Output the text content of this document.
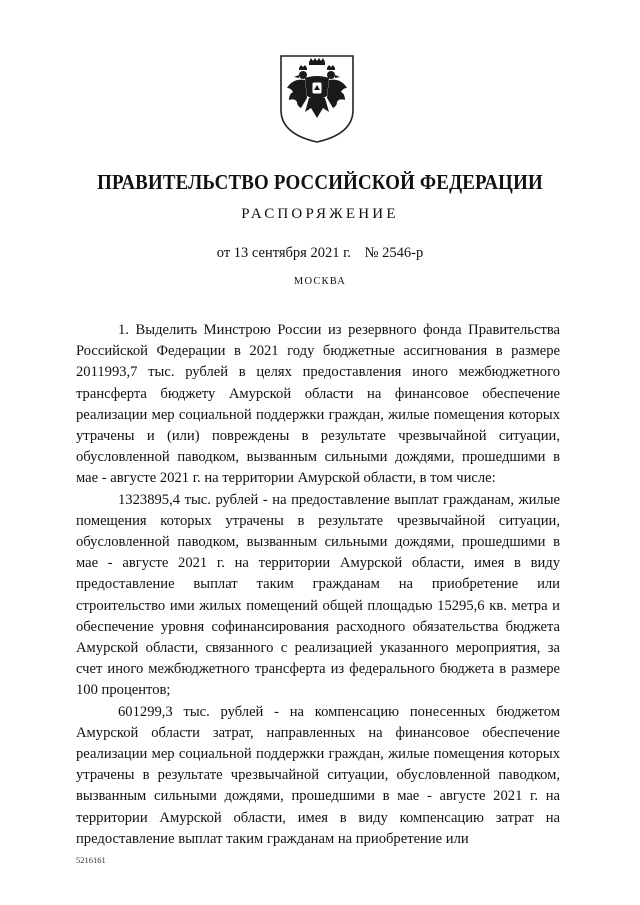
ПРАВИТЕЛЬСТВО РОССИЙСКОЙ ФЕДЕРАЦИИ
РАСПОРЯЖЕНИЕ
от 13 сентября 2021 г. № 2546-р
МОСКВА

1. Выделить Минстрою России из резервного фонда Правительства Российской Федерации в 2021 году бюджетные ассигнования в размере 2011993,7 тыс. рублей в целях предоставления иного межбюджетного трансферта бюджету Амурской области на финансовое обеспечение реализации мер социальной поддержки граждан, жилые помещения которых утрачены и (или) повреждены в результате чрезвычайной ситуации, обусловленной паводком, вызванным сильными дождями, прошедшими в мае - августе 2021 г. на территории Амурской области, в том числе:

1323895,4 тыс. рублей - на предоставление выплат гражданам, жилые помещения которых утрачены в результате чрезвычайной ситуации, обусловленной паводком, вызванным сильными дождями, прошедшими в мае - августе 2021 г. на территории Амурской области, имея в виду предоставление выплат таким гражданам на приобретение или строительство ими жилых помещений общей площадью 15295,6 кв. метра и обеспечение уровня софинансирования расходного обязательства бюджета Амурской области, связанного с реализацией указанного мероприятия, за счет иного межбюджетного трансферта из федерального бюджета в размере 100 процентов;

601299,3 тыс. рублей - на компенсацию понесенных бюджетом Амурской области затрат, направленных на финансовое обеспечение реализации мер социальной поддержки граждан, жилые помещения которых утрачены в результате чрезвычайной ситуации, обусловленной паводком, вызванным сильными дождями, прошедшими в мае - августе 2021 г. на территории Амурской области, имея в виду компенсацию затрат на предоставление выплат таким гражданам на приобретение или

5216161
